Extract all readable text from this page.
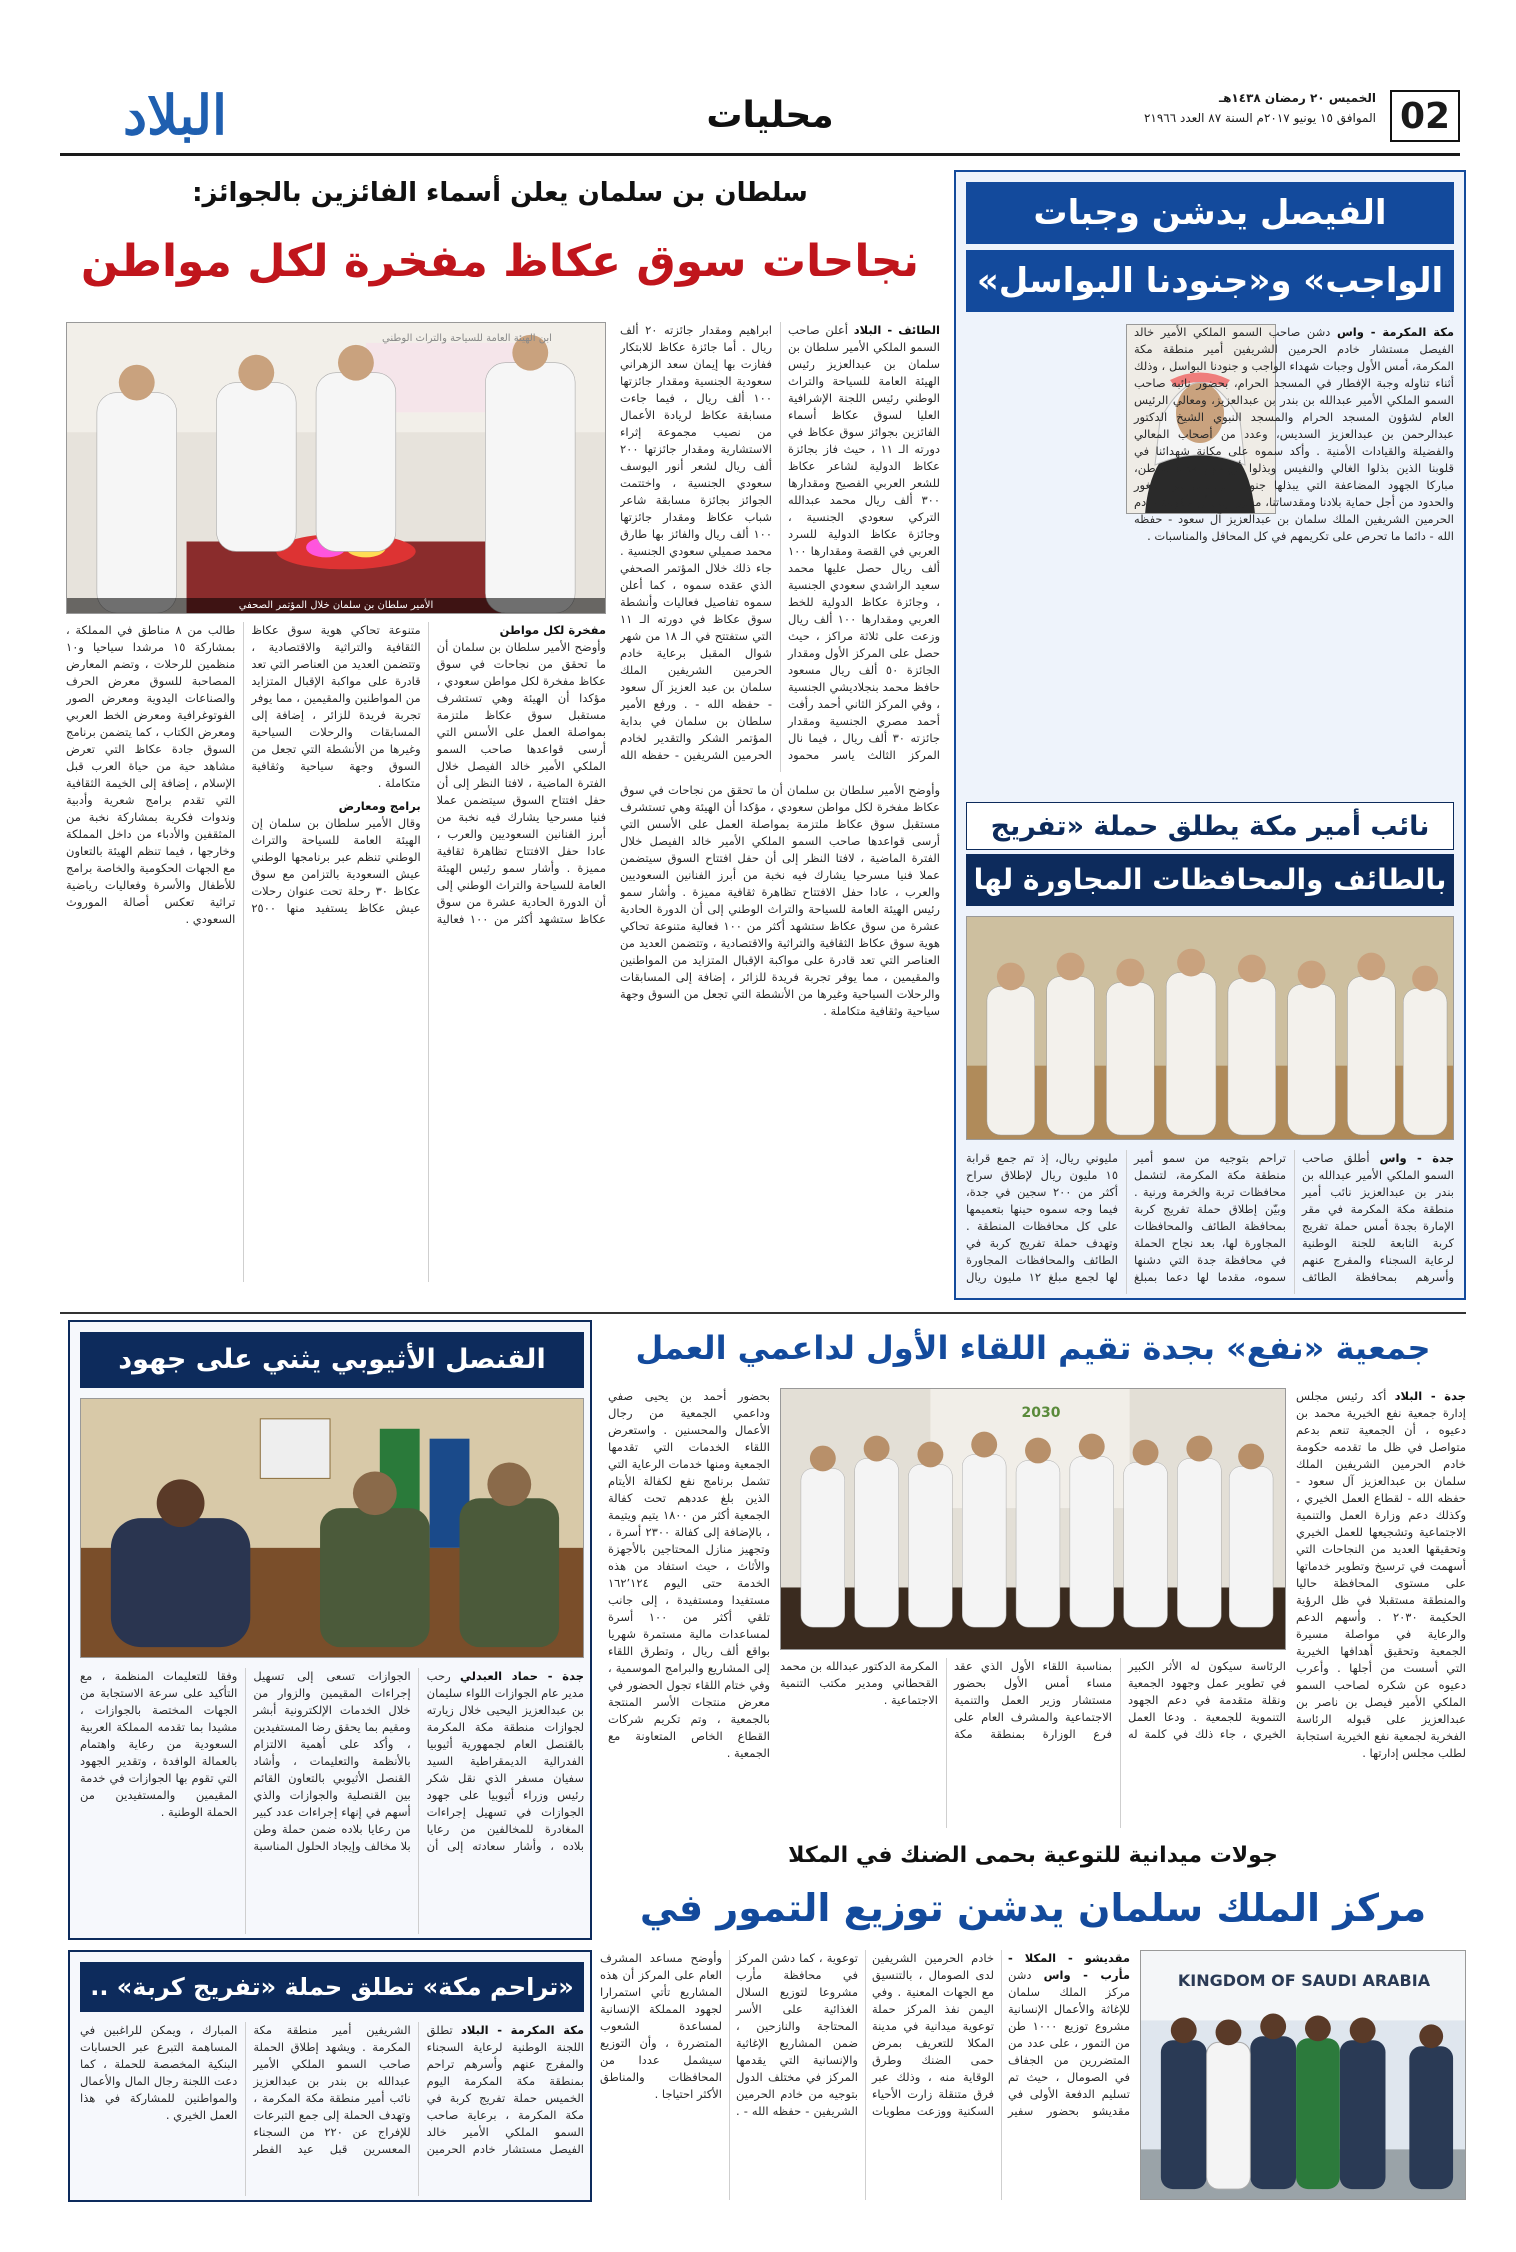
02
الخميس ٢٠ رمضان ١٤٣٨هـ
الموافق ١٥ يونيو ٢٠١٧م السنة ٨٧ العدد ٢١٩٦٦
محليات
البلاد
الفيصل يدشن وجبات
الواجب» و«جنودنا البواسل»
مكة المكرمة - واس دشن صاحب السمو الملكي الأمير خالد الفيصل مستشار خادم الحرمين الشريفين أمير منطقة مكة المكرمة، أمس الأول وجبات شهداء الواجب و جنودنا البواسل ، وذلك أثناء تناوله وجبة الإفطار في المسجد الحرام، بحضور نائبه صاحب السمو الملكي الأمير عبدالله بن بندر بن عبدالعزيز، ومعالي الرئيس العام لشؤون المسجد الحرام والمسجد النبوي الشيخ الدكتور عبدالرحمن بن عبدالعزيز السديس، وعدد من أصحاب المعالي والفضيلة والقيادات الأمنية . وأكد سموه على مكانة شهدائنا في قلوبنا الذين بذلوا الغالي والنفيس وبذلوا أرواحهم فداء للوطن، مباركا الجهود المضاعفة التي يبذلها جنودنا البواسل في الثغور والحدود من أجل حماية بلادنا ومقدساتنا، مشيرا إلى أن حكومة خادم الحرمين الشريفين الملك سلمان بن عبدالعزيز آل سعود - حفظه الله - دائما ما تحرص على تكريمهم في كل المحافل والمناسبات .
نائب أمير مكة يطلق حملة «تفريج
بالطائف والمحافظات المجاورة لها
جدة - واس أطلق صاحب السمو الملكي الأمير عبدالله بن بندر بن عبدالعزيز نائب أمير منطقة مكة المكرمة في مقر الإمارة بجدة أمس حملة تفريج كربة التابعة للجنة الوطنية لرعاية السجناء والمفرج عنهم وأسرهم بمحافظة الطائف تراحم بتوجيه من سمو أمير منطقة مكة المكرمة، لتشمل محافظات تربة والخرمة ورنية . وبيّن إطلاق حملة تفريج كربة بمحافظة الطائف والمحافظات المجاورة لها، بعد نجاح الحملة في محافظة جدة التي دشنها سموه، مقدما لها دعما بمبلغ مليوني ريال، إذ تم جمع قرابة ١٥ مليون ريال لإطلاق سراح أكثر من ٢٠٠ سجين في جدة، فيما وجه سموه حينها بتعميمها على كل محافظات المنطقة . وتهدف حملة تفريج كربة في الطائف والمحافظات المجاورة لها لجمع مبلغ ١٢ مليون ريال
سلطان بن سلمان يعلن أسماء الفائزين بالجوائز:
نجاحات سوق عكاظ مفخرة لكل مواطن
ابن الهيئة العامة للسياحة والتراث الوطني
الأمير سلطان بن سلمان خلال المؤتمر الصحفي
الطائف - البلاد أعلن صاحب السمو الملكي الأمير سلطان بن سلمان بن عبدالعزيز رئيس الهيئة العامة للسياحة والتراث الوطني رئيس اللجنة الإشرافية العليا لسوق عكاظ أسماء الفائزين بجوائز سوق عكاظ في دورته الـ ١١ ، حيث فاز بجائزة عكاظ الدولية لشاعر عكاظ للشعر العربي الفصيح ومقدارها ٣٠٠ ألف ريال محمد عبدالله التركي سعودي الجنسية ، وجائزة عكاظ الدولية للسرد العربي في القصة ومقدارها ١٠٠ ألف ريال حصل عليها محمد سعيد الراشدي سعودي الجنسية ، وجائزة عكاظ الدولية للخط العربي ومقدارها ١٠٠ ألف ريال وزعت على ثلاثة مراكز ، حيث حصل على المركز الأول ومقدار الجائزة ٥٠ ألف ريال مسعود حافظ محمد بنجلاديشي الجنسية ، وفي المركز الثاني أحمد رأفت أحمد مصري الجنسية ومقدار جائزته ٣٠ ألف ريال ، فيما نال المركز الثالث ياسر محمود ابراهيم ومقدار جائزته ٢٠ ألف ريال . أما جائزة عكاظ للابتكار ففازت بها إيمان سعد الزهراني سعودية الجنسية ومقدار جائزتها ١٠٠ ألف ريال ، فيما جاءت مسابقة عكاظ لريادة الأعمال من نصيب مجموعة إثراء الاستشارية ومقدار جائزتها ٢٠٠ ألف ريال لشعر أنور اليوسف سعودي الجنسية ، واختتمت الجوائز بجائزة مسابقة شاعر شباب عكاظ ومقدار جائزتها ١٠٠ ألف ريال والفائز بها طارق محمد صميلي سعودي الجنسية . جاء ذلك خلال المؤتمر الصحفي الذي عقده سموه ، كما أعلن سموه تفاصيل فعاليات وأنشطة سوق عكاظ في دورته الـ ١١ التي ستفتتح في الـ ١٨ من شهر شوال المقبل برعاية خادم الحرمين الشريفين الملك سلمان بن عبد العزيز آل سعود - حفظه الله - . ورفع الأمير سلطان بن سلمان في بداية المؤتمر الشكر والتقدير لخادم الحرمين الشريفين - حفظه الله
مفخرة لكل مواطن
وأوضح الأمير سلطان بن سلمان أن ما تحقق من نجاحات في سوق عكاظ مفخرة لكل مواطن سعودي ، مؤكدا أن الهيئة وهي تستشرف مستقبل سوق عكاظ ملتزمة بمواصلة العمل على الأسس التي أرسى قواعدها صاحب السمو الملكي الأمير خالد الفيصل خلال الفترة الماضية ، لافتا النظر إلى أن حفل افتتاح السوق سيتضمن عملا فنيا مسرحيا يشارك فيه نخبة من أبرز الفنانين السعوديين والعرب ، عادا حفل الافتتاح تظاهرة ثقافية مميزة . وأشار سمو رئيس الهيئة العامة للسياحة والتراث الوطني إلى أن الدورة الحادية عشرة من سوق عكاظ ستشهد أكثر من ١٠٠ فعالية متنوعة تحاكي هوية سوق عكاظ الثقافية والتراثية والاقتصادية ، وتتضمن العديد من العناصر التي تعد قادرة على مواكبة الإقبال المتزايد من المواطنين والمقيمين ، مما يوفر تجربة فريدة للزائر ، إضافة إلى المسابقات والرحلات السياحية وغيرها من الأنشطة التي تجعل من السوق وجهة سياحية وثقافية متكاملة .
برامج ومعارض
وقال الأمير سلطان بن سلمان إن الهيئة العامة للسياحة والتراث الوطني تنظم عبر برنامجها الوطني عيش السعودية بالتزامن مع سوق عكاظ ٣٠ رحلة تحت عنوان رحلات عيش عكاظ يستفيد منها ٢٥٠٠ طالب من ٨ مناطق في المملكة ، بمشاركة ١٥ مرشدا سياحيا و١٠ منظمين للرحلات ، وتضم المعارض المصاحبة للسوق معرض الحرف والصناعات اليدوية ومعرض الصور الفوتوغرافية ومعرض الخط العربي ومعرض الكتاب ، كما يتضمن برنامج السوق جادة عكاظ التي تعرض مشاهد حية من حياة العرب قبل الإسلام ، إضافة إلى الخيمة الثقافية التي تقدم برامج شعرية وأدبية وندوات فكرية بمشاركة نخبة من المثقفين والأدباء من داخل المملكة وخارجها ، فيما تنظم الهيئة بالتعاون مع الجهات الحكومية والخاصة برامج للأطفال والأسرة وفعاليات رياضية تراثية تعكس أصالة الموروث السعودي .
وأوضح الأمير سلطان بن سلمان أن ما تحقق من نجاحات في سوق عكاظ مفخرة لكل مواطن سعودي ، مؤكدا أن الهيئة وهي تستشرف مستقبل سوق عكاظ ملتزمة بمواصلة العمل على الأسس التي أرسى قواعدها صاحب السمو الملكي الأمير خالد الفيصل خلال الفترة الماضية ، لافتا النظر إلى أن حفل افتتاح السوق سيتضمن عملا فنيا مسرحيا يشارك فيه نخبة من أبرز الفنانين السعوديين والعرب ، عادا حفل الافتتاح تظاهرة ثقافية مميزة . وأشار سمو رئيس الهيئة العامة للسياحة والتراث الوطني إلى أن الدورة الحادية عشرة من سوق عكاظ ستشهد أكثر من ١٠٠ فعالية متنوعة تحاكي هوية سوق عكاظ الثقافية والتراثية والاقتصادية ، وتتضمن العديد من العناصر التي تعد قادرة على مواكبة الإقبال المتزايد من المواطنين والمقيمين ، مما يوفر تجربة فريدة للزائر ، إضافة إلى المسابقات والرحلات السياحية وغيرها من الأنشطة التي تجعل من السوق وجهة سياحية وثقافية متكاملة .
جمعية «نفع» بجدة تقيم اللقاء الأول لداعمي العمل
جدة - البلاد أكد رئيس مجلس إدارة جمعية نفع الخيرية محمد بن دعيوه ، أن الجمعية تنعم بدعم متواصل في ظل ما تقدمه حكومة خادم الحرمين الشريفين الملك سلمان بن عبدالعزيز آل سعود - حفظه الله - لقطاع العمل الخيري ، وكذلك دعم وزارة العمل والتنمية الاجتماعية وتشجيعها للعمل الخيري وتحقيقها العديد من النجاحات التي أسهمت في ترسيخ وتطوير خدماتها على مستوى المحافظة حاليا والمنطقة مستقبلا في ظل الرؤية الحكيمة ٢٠٣٠ . وأسهم الدعم والرعاية في مواصلة مسيرة الجمعية وتحقيق أهدافها الخيرية التي أسست من أجلها . وأعرب دعيوه عن شكره لصاحب السمو الملكي الأمير فيصل بن ناصر بن عبدالعزيز على قبوله الرئاسة الفخرية لجمعية نفع الخيرية استجابة لطلب مجلس إدارتها .
2030
بحضور أحمد بن يحيى صفي وداعمي الجمعية من رجال الأعمال والمحسنين . واستعرض اللقاء الخدمات التي تقدمها الجمعية ومنها خدمات الرعاية التي تشمل برنامج نفع لكفالة الأيتام الذين بلغ عددهم تحت كفالة الجمعية أكثر من ١٨٠٠ يتيم ويتيمة ، بالإضافة إلى كفالة ٢٣٠٠ أسرة ، وتجهيز منازل المحتاجين بالأجهزة والأثاث ، حيث استفاد من هذه الخدمة حتى اليوم ١٦٢٬١٢٤ مستفيدا ومستفيدة ، إلى جانب تلقي أكثر من ١٠٠ أسرة لمساعدات مالية مستمرة شهريا بواقع ألف ريال ، وتطرق اللقاء إلى المشاريع والبرامج الموسمية ، وفي ختام اللقاء تجول الحضور في معرض منتجات الأسر المنتجة بالجمعية ، وتم تكريم شركات القطاع الخاص المتعاونة مع الجمعية .
الرئاسة سيكون له الأثر الكبير في تطوير عمل وجهود الجمعية ونقلة متقدمة في دعم الجهود التنموية للجمعية . ودعا العمل الخيري ، جاء ذلك في كلمة له بمناسبة اللقاء الأول الذي عقد مساء أمس الأول بحضور مستشار وزير العمل والتنمية الاجتماعية والمشرف العام على فرع الوزارة بمنطقة مكة المكرمة الدكتور عبدالله بن محمد القحطاني ومدير مكتب التنمية الاجتماعية .
القنصل الأثيوبي يثني على جهود
جدة - حماد العبدلي رحب مدير عام الجوازات اللواء سليمان بن عبدالعزيز اليحيى خلال زيارته لجوازات منطقة مكة المكرمة بالقنصل العام لجمهورية أثيوبيا الفدرالية الديمقراطية السيد سفيان مسفر الذي نقل شكر رئيس وزراء أثيوبيا على جهود الجوازات في تسهيل إجراءات المغادرة للمخالفين من رعايا بلاده ، وأشار سعادته إلى أن الجوازات تسعى إلى تسهيل إجراءات المقيمين والزوار من خلال الخدمات الإلكترونية أبشر ومقيم بما يحقق رضا المستفيدين ، وأكد على أهمية الالتزام بالأنظمة والتعليمات ، وأشاد القنصل الأثيوبي بالتعاون القائم بين القنصلية والجوازات والذي أسهم في إنهاء إجراءات عدد كبير من رعايا بلاده ضمن حملة وطن بلا مخالف وإيجاد الحلول المناسبة وفقا للتعليمات المنظمة ، مع التأكيد على سرعة الاستجابة من الجهات المختصة بالجوازات ، مشيدا بما تقدمه المملكة العربية السعودية من رعاية واهتمام بالعمالة الوافدة ، وتقدير الجهود التي تقوم بها الجوازات في خدمة المقيمين والمستفيدين من الحملة الوطنية .
جولات ميدانية للتوعية بحمى الضنك في المكلا
مركز الملك سلمان يدشن توزيع التمور في
مقديشو - المكلا - مأرب - واس دشن مركز الملك سلمان للإغاثة والأعمال الإنسانية مشروع توزيع ١٠٠٠ طن من التمور ، على عدد من المتضررين من الجفاف في الصومال ، حيث تم تسليم الدفعة الأولى في مقديشو بحضور سفير خادم الحرمين الشريفين لدى الصومال ، بالتنسيق مع الجهات المعنية . وفي اليمن نفذ المركز حملة توعوية ميدانية في مدينة المكلا للتعريف بمرض حمى الضنك وطرق الوقاية منه ، وذلك عبر فرق متنقلة زارت الأحياء السكنية ووزعت مطويات توعوية ، كما دشن المركز في محافظة مأرب مشروعا لتوزيع السلال الغذائية على الأسر المحتاجة والنازحين ، ضمن المشاريع الإغاثية والإنسانية التي يقدمها المركز في مختلف الدول بتوجيه من خادم الحرمين الشريفين - حفظه الله - . وأوضح مساعد المشرف العام على المركز أن هذه المشاريع تأتي استمرارا لجهود المملكة الإنسانية لمساعدة الشعوب المتضررة ، وأن التوزيع سيشمل عددا من المحافظات والمناطق الأكثر احتياجا .
KINGDOM OF SAUDI ARABIA
«تراحم مكة» تطلق حملة «تفريج كربة» ..
مكة المكرمة - البلاد تطلق اللجنة الوطنية لرعاية السجناء والمفرج عنهم وأسرهم تراحم بمنطقة مكة المكرمة اليوم الخميس حملة تفريج كربة في مكة المكرمة ، برعاية صاحب السمو الملكي الأمير خالد الفيصل مستشار خادم الحرمين الشريفين أمير منطقة مكة المكرمة . ويشهد إطلاق الحملة صاحب السمو الملكي الأمير عبدالله بن بندر بن عبدالعزيز نائب أمير منطقة مكة المكرمة ، وتهدف الحملة إلى جمع التبرعات للإفراج عن ٢٢٠ من السجناء المعسرين قبل عيد الفطر المبارك ، ويمكن للراغبين في المساهمة التبرع عبر الحسابات البنكية المخصصة للحملة ، كما دعت اللجنة رجال المال والأعمال والمواطنين للمشاركة في هذا العمل الخيري .
